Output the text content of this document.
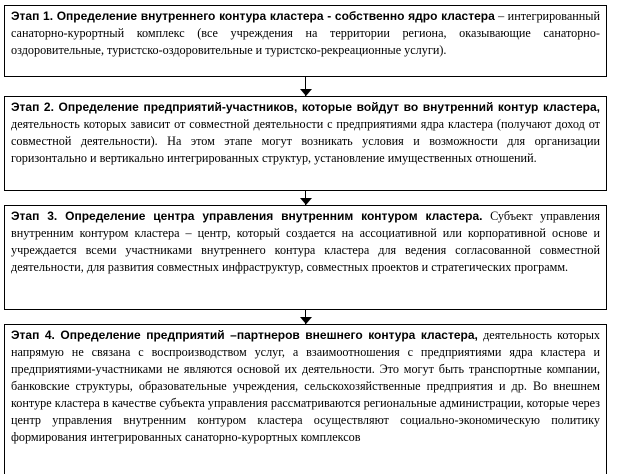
Этап 1. Определение внутреннего контура кластера - собственно ядро кластера – интегрированный санаторно-курортный комплекс (все учреждения на территории региона, оказывающие санаторно-оздоровительные, туристско-оздоровительные и туристско-рекреационные услуги).
Этап 2. Определение предприятий-участников, которые войдут во внутренний контур кластера, деятельность которых зависит от совместной деятельности с предприятиями ядра кластера (получают доход от совместной деятельности). На этом этапе могут возникать условия и возможности для организации горизонтально и вертикально интегрированных структур, установление имущественных отношений.
Этап 3. Определение центра управления внутренним контуром кластера. Субъект управления внутренним контуром кластера – центр, который создается на ассоциативной или корпоративной основе и учреждается всеми участниками внутреннего контура кластера для ведения согласованной совместной деятельности, для развития совместных инфраструктур, совместных проектов и стратегических программ.
Этап 4. Определение предприятий –партнеров внешнего контура кластера, деятельность которых напрямую не связана с воспроизводством услуг, а взаимоотношения с предприятиями ядра кластера и предприятиями-участниками не являются основой их деятельности. Это могут быть транспортные компании, банковские структуры, образовательные учреждения, сельскохозяйственные предприятия и др. Во внешнем контуре кластера в качестве субъекта управления рассматриваются региональные администрации, которые через центр управления внутренним контуром кластера осуществляют социально-экономическую политику формирования интегрированных санаторно-курортных комплексов
